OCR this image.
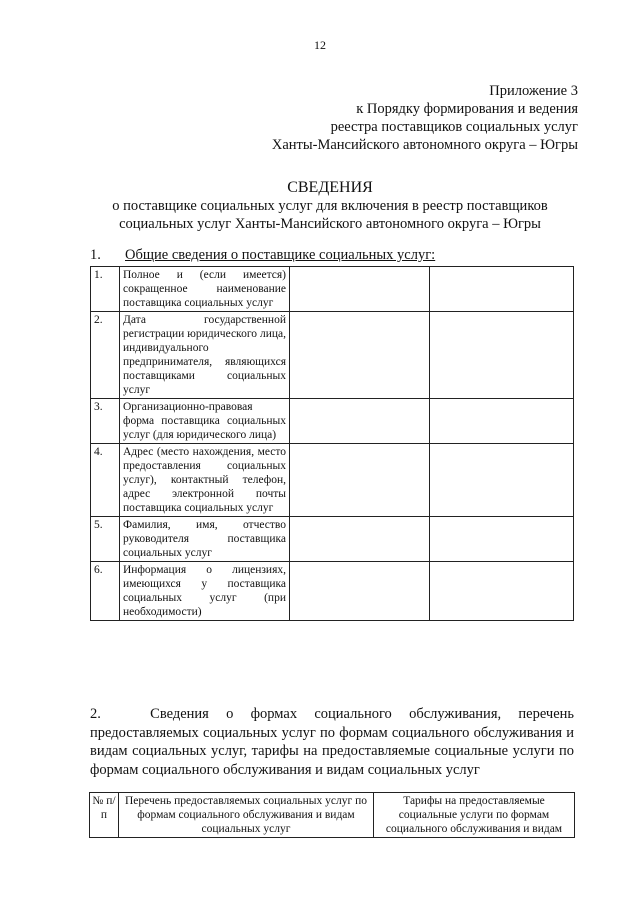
12
Приложение 3
к Порядку формирования и ведения
реестра поставщиков социальных услуг
Ханты-Мансийского автономного округа – Югры
СВЕДЕНИЯ
о поставщике социальных услуг для включения в реестр поставщиков
социальных услуг Ханты-Мансийского автономного округа – Югры
1. Общие сведения о поставщике социальных услуг:
1.	Полное и (если имеется) сокращенное наименование поставщика социальных услуг		
2.	Дата государственной регистрации юридического лица, индивидуального предпринимателя, являющихся поставщиками социальных услуг		
3.	Организационно-правовая форма поставщика социальных услуг (для юридического лица)		
4.	Адрес (место нахождения, место предоставления социальных услуг), контактный телефон, адрес электронной почты поставщика социальных услуг		
5.	Фамилия, имя, отчество руководителя поставщика социальных услуг		
6.	Информация о лицензиях, имеющихся у поставщика социальных услуг (при необходимости)		
2.	Сведения о формах социального обслуживания, перечень предоставляемых социальных услуг по формам социального обслуживания и видам социальных услуг, тарифы на предоставляемые социальные услуги по формам социального обслуживания и видам социальных услуг
№ п/п	Перечень предоставляемых социальных услуг по формам социального обслуживания и видам социальных услуг	Тарифы на предоставляемые социальные услуги по формам социального обслуживания и видам
